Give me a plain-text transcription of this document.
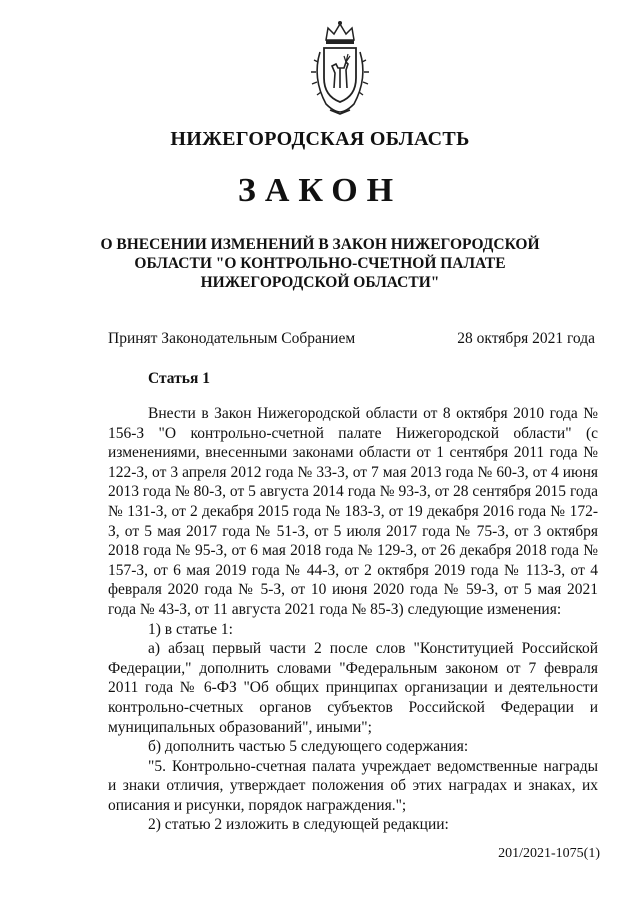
НИЖЕГОРОДСКАЯ ОБЛАСТЬ
ЗАКОН
О ВНЕСЕНИИ ИЗМЕНЕНИЙ В ЗАКОН НИЖЕГОРОДСКОЙ
ОБЛАСТИ "О КОНТРОЛЬНО-СЧЕТНОЙ ПАЛАТЕ
НИЖЕГОРОДСКОЙ ОБЛАСТИ"
Принят Законодательным Собранием	28 октября 2021 года
Статья 1

Внести в Закон Нижегородской области от 8 октября 2010 года № 156-З "О контрольно-счетной палате Нижегородской области" (с изменениями, внесенными законами области от 1 сентября 2011 года № 122-З, от 3 апреля 2012 года № 33-З, от 7 мая 2013 года № 60-З, от 4 июня 2013 года № 80-З, от 5 августа 2014 года № 93-З, от 28 сентября 2015 года № 131-З, от 2 декабря 2015 года № 183-З, от 19 декабря 2016 года № 172-З, от 5 мая 2017 года № 51-З, от 5 июля 2017 года № 75-З, от 3 октября 2018 года № 95-З, от 6 мая 2018 года № 129-З, от 26 декабря 2018 года № 157-З, от 6 мая 2019 года № 44-З, от 2 октября 2019 года № 113-З, от 4 февраля 2020 года № 5-З, от 10 июня 2020 года № 59-З, от 5 мая 2021 года № 43-З, от 11 августа 2021 года № 85-З) следующие изменения:

1) в статье 1:

а) абзац первый части 2 после слов "Конституцией Российской Федерации," дополнить словами "Федеральным законом от 7 февраля 2011 года № 6-ФЗ "Об общих принципах организации и деятельности контрольно-счетных органов субъектов Российской Федерации и муниципальных образований", иными";

б) дополнить частью 5 следующего содержания:

"5. Контрольно-счетная палата учреждает ведомственные награды и знаки отличия, утверждает положения об этих наградах и знаках, их описания и рисунки, порядок награждения.";

2) статью 2 изложить в следующей редакции:

201/2021-1075(1)
